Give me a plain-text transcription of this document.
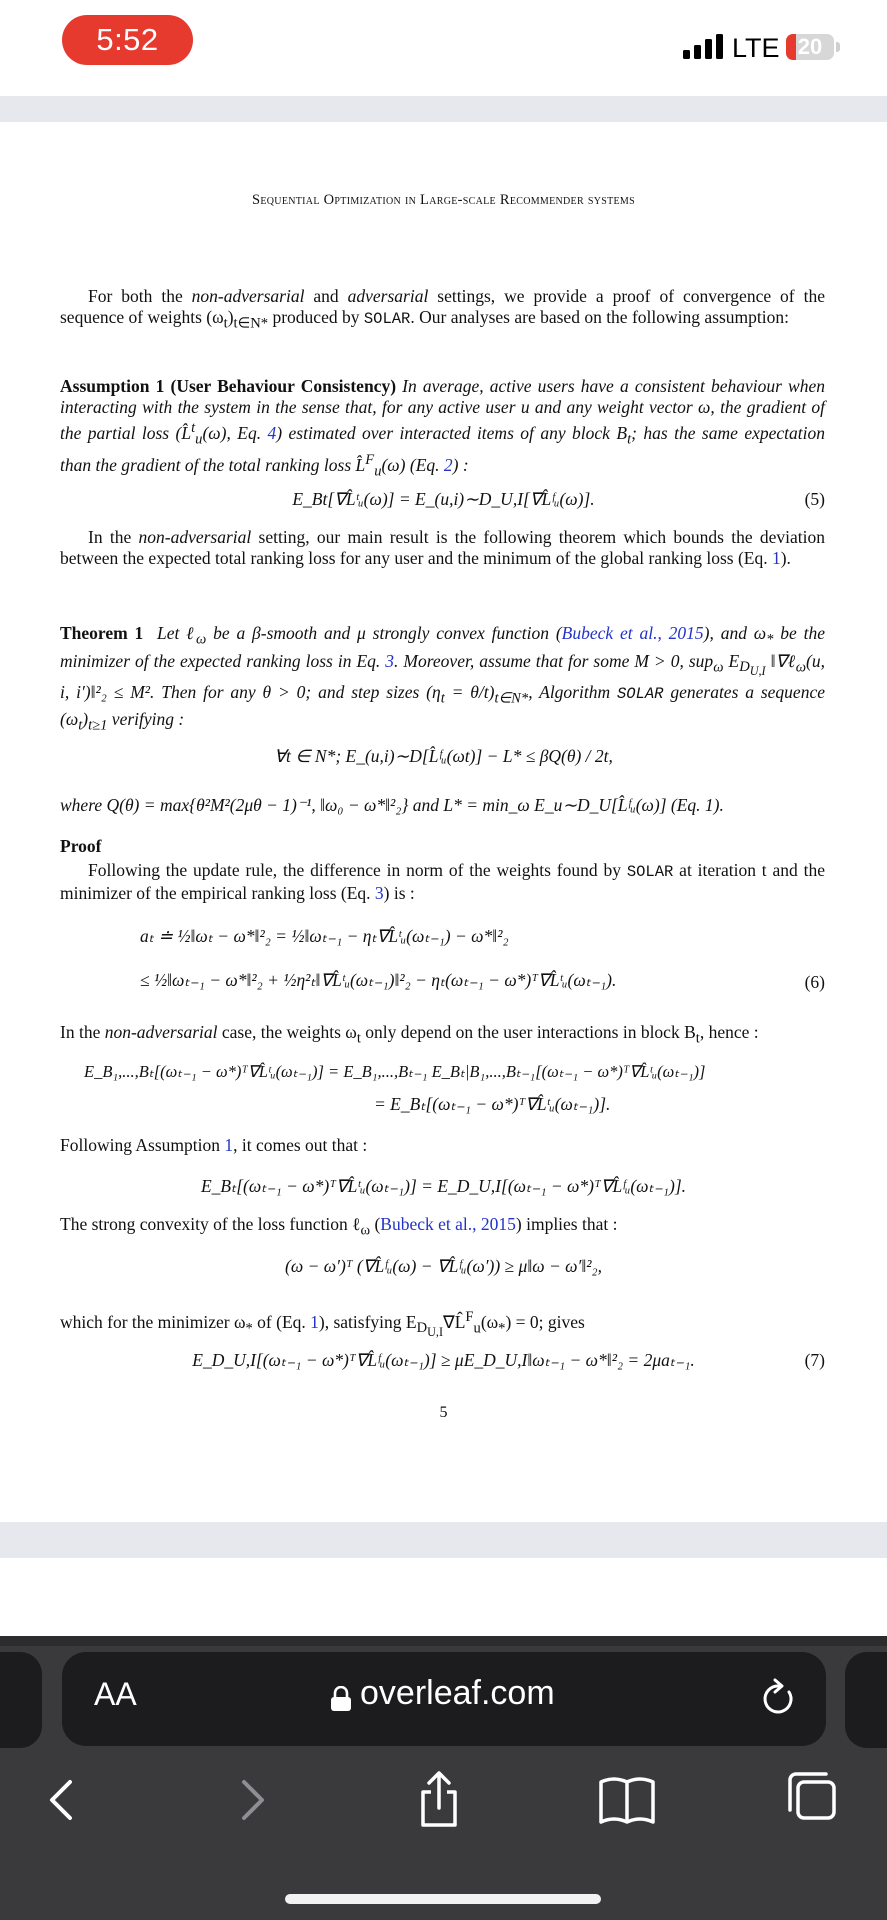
5:52	LTE 20
Sequential Optimization in Large-scale Recommender systems
For both the non-adversarial and adversarial settings, we provide a proof of convergence of the sequence of weights $(\omega_t)_{t\in N*}$ produced by SOLAR. Our analyses are based on the following assumption:
Assumption 1 (User Behaviour Consistency) In average, active users have a consistent behaviour when interacting with the system in the sense that, for any active user u and any weight vector ω, the gradient of the partial loss (L̂$^t_u$(ω), Eq. 4) estimated over interacted items of any block $B_t$; has the same expectation than the gradient of the total ranking loss L̂$^F_u$(ω) (Eq. 2) :
E_Bt[∇L̂ᵗᵤ(ω)] = E_(u,i)∼D_U,I[∇L̂ᶠᵤ(ω)].	(5)
In the non-adversarial setting, our main result is the following theorem which bounds the deviation between the expected total ranking loss for any user and the minimum of the global ranking loss (Eq. 1).
Theorem 1 Let ℓ$_\omega$ be a β-smooth and μ strongly convex function (Bubeck et al., 2015), and $\omega_*$ be the minimizer of the expected ranking loss in Eq. 3. Moreover, assume that for some M > 0, sup$_\omega$ $E_{D_{U,I}}$ ‖∇ℓ$_\omega$(u, i, i′)‖²₂ ≤ M². Then for any θ > 0; and step sizes $(\eta_t = \theta/t)_{t\in N*}$, Algorithm SOLAR generates a sequence $(\omega_t)_{t\ge 1}$ verifying :
∀t ∈ N*; E_(u,i)∼D[L̂ᶠᵤ(ωt)] − L* ≤ βQ(θ) / 2t,
where Q(θ) = max{θ²M²(2μθ − 1)⁻¹, ‖ω₀ − ω*‖²₂} and L* = min_ω E_u∼D_U[L̂ᶠᵤ(ω)] (Eq. 1).
Proof
Following the update rule, the difference in norm of the weights found by SOLAR at iteration t and the minimizer of the empirical ranking loss (Eq. 3) is :
aₜ ≐ ½‖ωₜ − ω*‖²₂ = ½‖ωₜ₋₁ − ηₜ∇L̂ᵗᵤ(ωₜ₋₁) − ω*‖²₂
≤ ½‖ωₜ₋₁ − ω*‖²₂ + ½η²ₜ‖∇L̂ᵗᵤ(ωₜ₋₁)‖²₂ − ηₜ(ωₜ₋₁ − ω*)ᵀ∇L̂ᵗᵤ(ωₜ₋₁).	(6)
In the non-adversarial case, the weights $\omega_t$ only depend on the user interactions in block $B_t$, hence :
E_B₁,...,Bₜ[(ωₜ₋₁ − ω*)ᵀ∇L̂ᵗᵤ(ωₜ₋₁)] = E_B₁,...,Bₜ₋₁ E_Bₜ|B₁,...,Bₜ₋₁[(ωₜ₋₁ − ω*)ᵀ∇L̂ᵗᵤ(ωₜ₋₁)]
= E_Bₜ[(ωₜ₋₁ − ω*)ᵀ∇L̂ᵗᵤ(ωₜ₋₁)].
Following Assumption 1, it comes out that :
E_Bₜ[(ωₜ₋₁ − ω*)ᵀ∇L̂ᵗᵤ(ωₜ₋₁)] = E_D_U,I[(ωₜ₋₁ − ω*)ᵀ∇L̂ᶠᵤ(ωₜ₋₁)].
The strong convexity of the loss function ℓ$_\omega$ (Bubeck et al., 2015) implies that :
(ω − ω′)ᵀ (∇L̂ᶠᵤ(ω) − ∇L̂ᶠᵤ(ω′)) ≥ μ‖ω − ω′‖²₂,
which for the minimizer $\omega_*$ of (Eq. 1), satisfying $E_{D_{U,I}}\nabla L̂^F_u(\omega_*) = 0$; gives
E_D_U,I[(ωₜ₋₁ − ω*)ᵀ∇L̂ᶠᵤ(ωₜ₋₁)] ≥ μE_D_U,I‖ωₜ₋₁ − ω*‖²₂ = 2μaₜ₋₁.	(7)
5
AA	overleaf.com
